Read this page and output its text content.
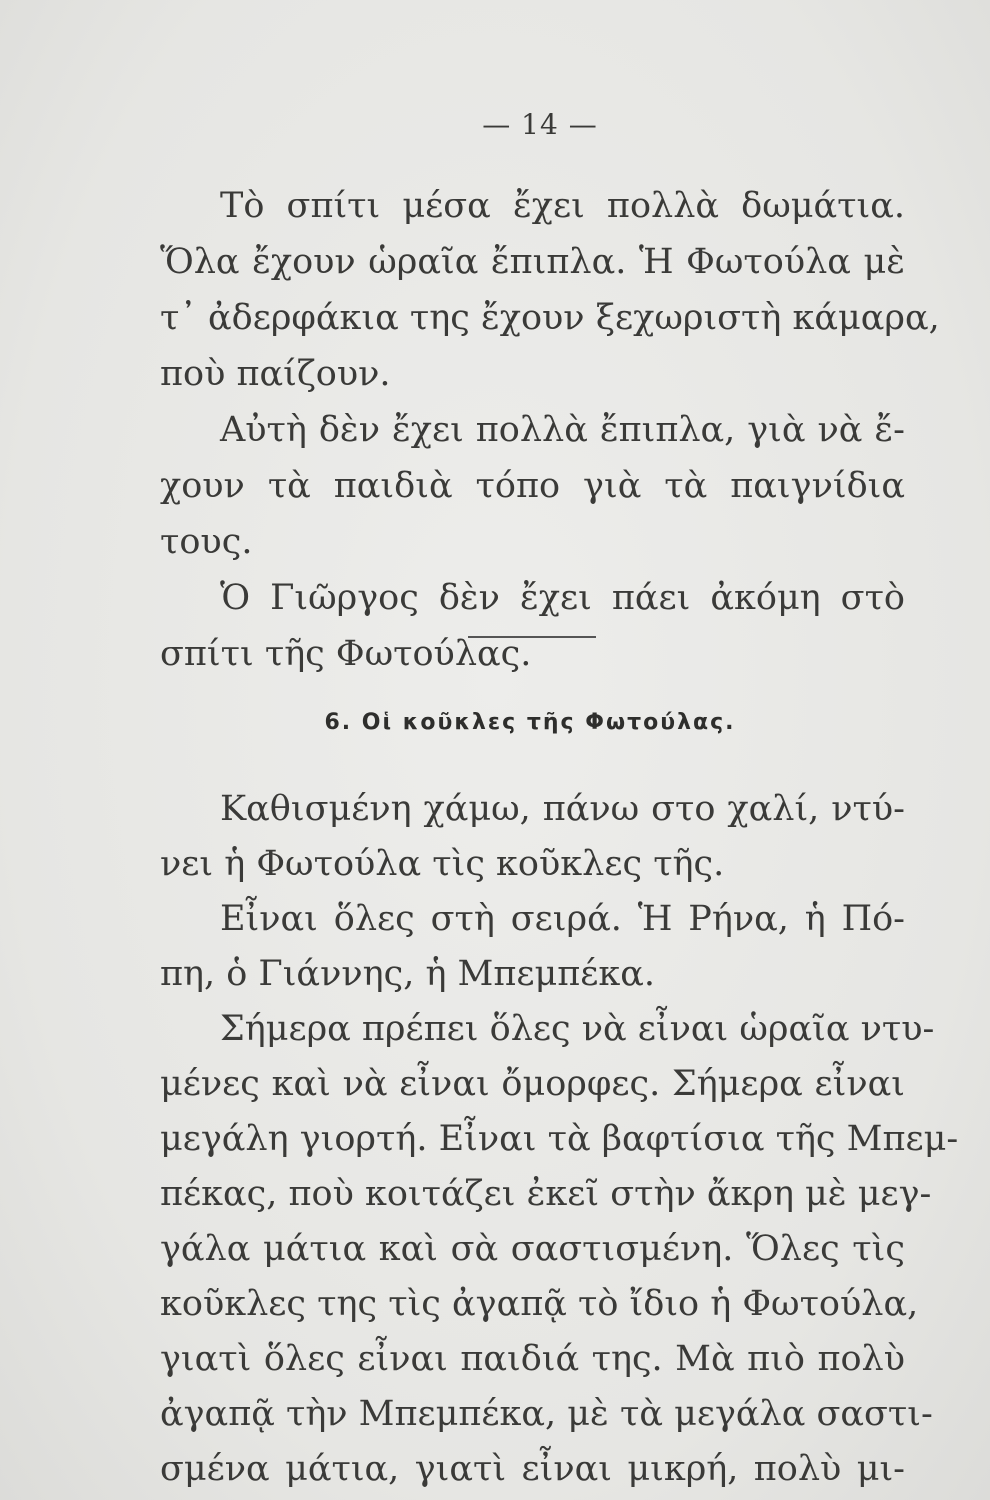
— 14 —
Τὸ σπίτι μέσα ἔχει πολλὰ δωμάτια.
Ὅλα ἔχουν ὡραῖα ἔπιπλα. Ἡ Φωτούλα μὲ
τ᾽ ἀδερφάκια της ἔχουν ξεχωριστὴ κάμαρα,
ποὺ παίζουν.
Αὐτὴ δὲν ἔχει πολλὰ ἔπιπλα, γιὰ νὰ ἔ-
χουν τὰ παιδιὰ τόπο γιὰ τὰ παιγνίδια
τους.
Ὁ Γιῶργος δὲν ἔχει πάει ἀκόμη στὸ
σπίτι τῆς Φωτούλας.
6. Οἱ κοῦκλες τῆς Φωτούλας.
Καθισμένη χάμω, πάνω στο χαλί, ντύ-
νει ἡ Φωτούλα τὶς κοῦκλες τῆς.
Εἶναι ὅλες στὴ σειρά. Ἡ Ρήνα, ἡ Πό-
πη, ὁ Γιάννης, ἡ Μπεμπέκα.
Σήμερα πρέπει ὅλες νὰ εἶναι ὡραῖα ντυ-
μένες καὶ νὰ εἶναι ὄμορφες. Σήμερα εἶναι
μεγάλη γιορτή. Εἶναι τὰ βαφτίσια τῆς Μπεμ-
πέκας, ποὺ κοιτάζει ἐκεῖ στὴν ἄκρη μὲ μεγ-
γάλα μάτια καὶ σὰ σαστισμένη. Ὅλες τὶς
κοῦκλες της τὶς ἀγαπᾷ τὸ ἴδιο ἡ Φωτούλα,
γιατὶ ὅλες εἶναι παιδιά της. Μὰ πιὸ πολὺ
ἀγαπᾷ τὴν Μπεμπέκα, μὲ τὰ μεγάλα σαστι-
σμένα μάτια, γιατὶ εἶναι μικρή, πολὺ μι-
